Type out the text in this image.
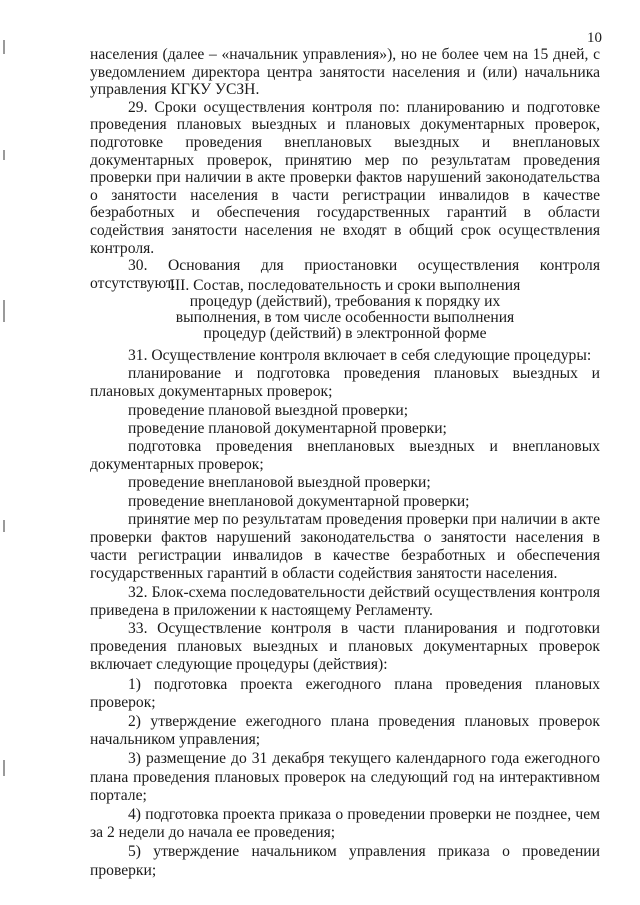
10

населения (далее – «начальник управления»), но не более чем на 15 дней, с уведомлением директора центра занятости населения и (или) начальника управления КГКУ УСЗН.

29. Сроки осуществления контроля по: планированию и подготовке проведения плановых выездных и плановых документарных проверок, подготовке проведения внеплановых выездных и внеплановых документарных проверок, принятию мер по результатам проведения проверки при наличии в акте проверки фактов нарушений законодательства о занятости населения в части регистрации инвалидов в качестве безработных и обеспечения государственных гарантий в области содействия занятости населения не входят в общий срок осуществления контроля.

30. Основания для приостановки осуществления контроля отсутствуют.

III. Состав, последовательность и сроки выполнения
процедур (действий), требования к порядку их
выполнения, в том числе особенности выполнения
процедур (действий) в электронной форме

31. Осуществление контроля включает в себя следующие процедуры:

планирование и подготовка проведения плановых выездных и плановых документарных проверок;

проведение плановой выездной проверки;

проведение плановой документарной проверки;

подготовка проведения внеплановых выездных и внеплановых документарных проверок;

проведение внеплановой выездной проверки;

проведение внеплановой документарной проверки;

принятие мер по результатам проведения проверки при наличии в акте проверки фактов нарушений законодательства о занятости населения в части регистрации инвалидов в качестве безработных и обеспечения государственных гарантий в области содействия занятости населения.

32. Блок-схема последовательности действий осуществления контроля приведена в приложении к настоящему Регламенту.

33. Осуществление контроля в части планирования и подготовки проведения плановых выездных и плановых документарных проверок включает следующие процедуры (действия):

1) подготовка проекта ежегодного плана проведения плановых проверок;

2) утверждение ежегодного плана проведения плановых проверок начальником управления;

3) размещение до 31 декабря текущего календарного года ежегодного плана проведения плановых проверок на следующий год на интерактивном портале;

4) подготовка проекта приказа о проведении проверки не позднее, чем за 2 недели до начала ее проведения;

5) утверждение начальником управления приказа о проведении проверки;
